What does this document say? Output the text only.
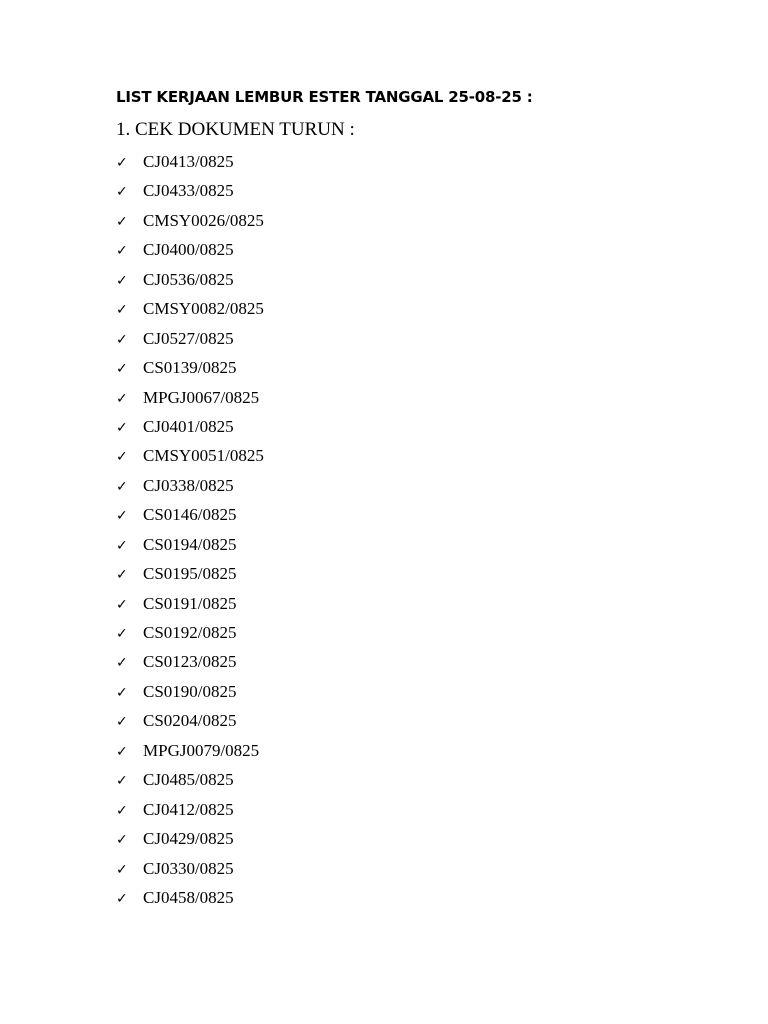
LIST KERJAAN LEMBUR ESTER TANGGAL 25-08-25 :
1. CEK DOKUMEN TURUN :
✓ CJ0413/0825
✓ CJ0433/0825
✓ CMSY0026/0825
✓ CJ0400/0825
✓ CJ0536/0825
✓ CMSY0082/0825
✓ CJ0527/0825
✓ CS0139/0825
✓ MPGJ0067/0825
✓ CJ0401/0825
✓ CMSY0051/0825
✓ CJ0338/0825
✓ CS0146/0825
✓ CS0194/0825
✓ CS0195/0825
✓ CS0191/0825
✓ CS0192/0825
✓ CS0123/0825
✓ CS0190/0825
✓ CS0204/0825
✓ MPGJ0079/0825
✓ CJ0485/0825
✓ CJ0412/0825
✓ CJ0429/0825
✓ CJ0330/0825
✓ CJ0458/0825
